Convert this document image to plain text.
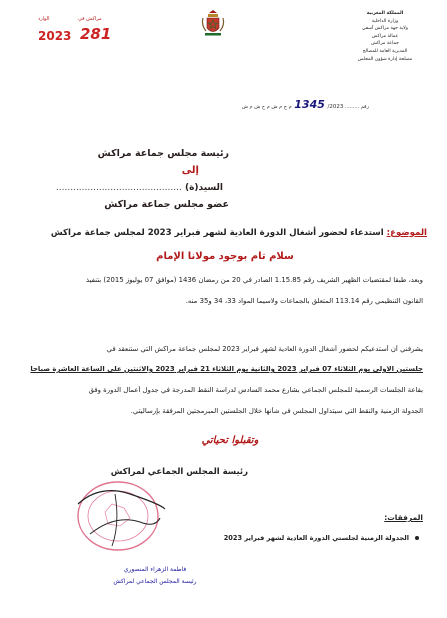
المملكة المغربية
وزارة الداخلية
ولاية جهة مراكش آسفي
عمالة مراكش
جماعة مراكش
المديرية العامة للمصالح
مصلحة إدارة شؤون المجلس
مراكش في
الوارد
2023 281
رقم ......... 2023/ 1345 م ج م ش م ح ش م ش
رئيسة مجلس جماعة مراكش
إلى
السيد(ة) ............................................
عضو مجلس جماعة مراكش
الموضوع: استدعاء لحضور أشغال الدورة العادية لشهر فبراير 2023 لمجلس جماعة مراكش
سلام تام بوجود مولانا الإمام
وبعد، طبقا لمقتضيات الظهير الشريف رقم 1.15.85 الصادر في 20 من رمضان 1436 (موافق 07 يوليوز 2015) بتنفيذ
القانون التنظيمي رقم 113.14 المتعلق بالجماعات ولاسيما المواد 33، 34 و35 منه.
يشرفني أن أستدعيكم لحضور أشغال الدورة العادية لشهر فبراير 2023 لمجلس جماعة مراكش التي ستنعقد في
جلستين الاولى يوم الثلاثاء 07 فبراير 2023 والثانية يوم الثلاثاء 21 فبراير 2023 والاثنتين على الساعة العاشرة صباحا
بقاعة الجلسات الرسمية للمجلس الجماعي بشارع محمد السادس لدراسة النقط المدرجة في جدول أعمال الدورة وفق
الجدولة الزمنية والنقط التي سيتداول المجلس في شأنها خلال الجلستين المبرمجتين المرفقة بإرساليتي.
وتقبلوا تحياتي
رئيسة المجلس الجماعي لمراكش
فاطمة الزهراء المنصوري
رئيسة المجلس الجماعي لمراكش
المرفقات:
الجدولة الزمنية لجلستي الدورة العادية لشهر فبراير 2023
